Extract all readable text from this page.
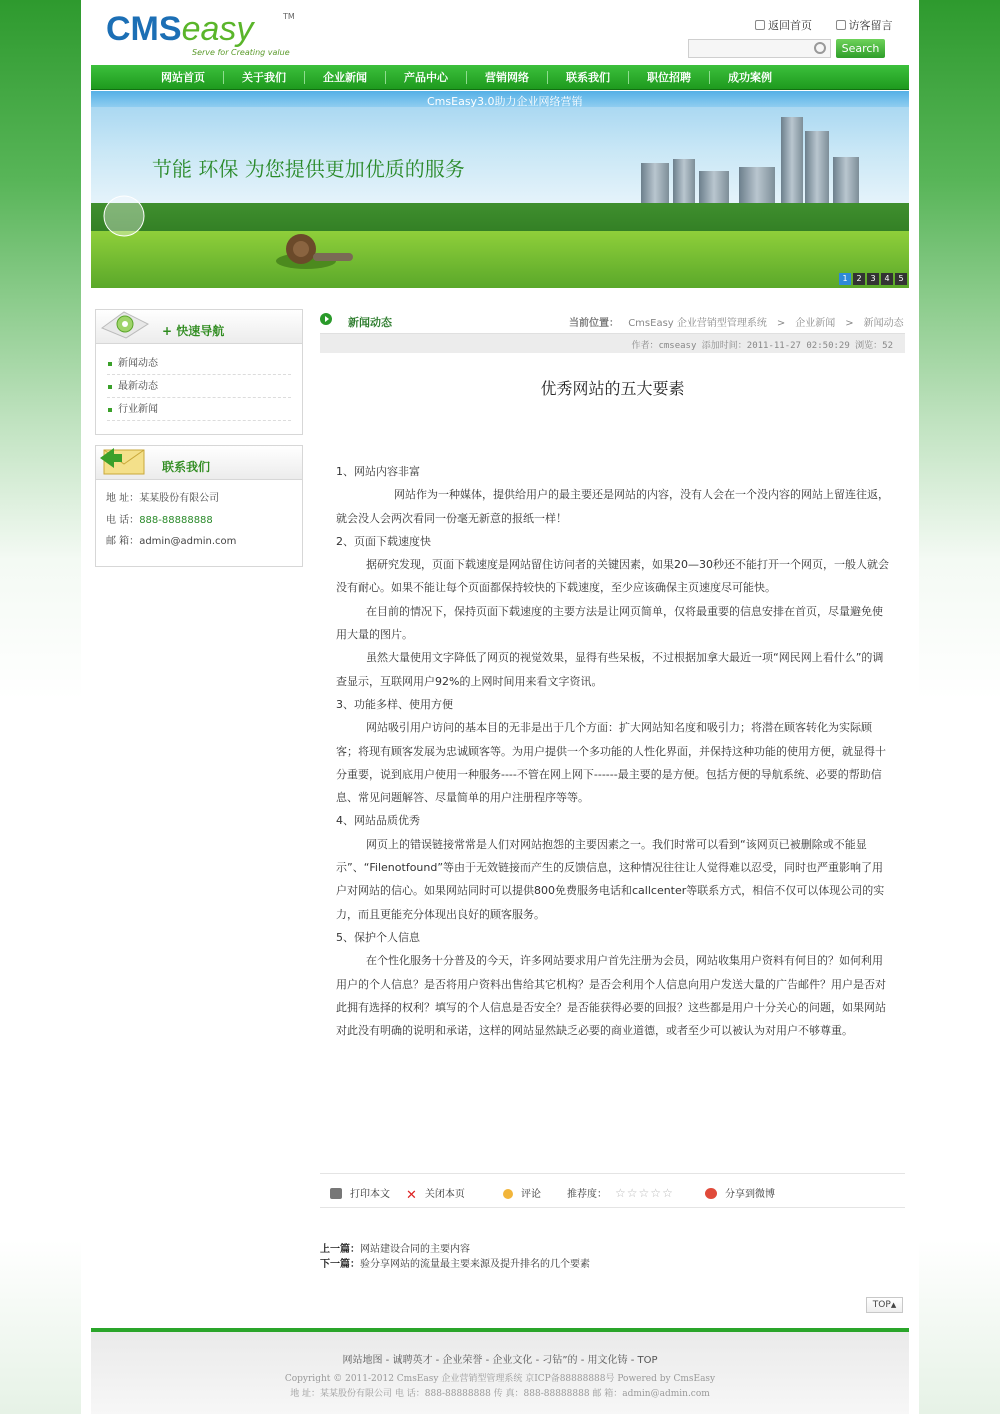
CMSeasy	TM
Serve for Creating value
返回首页	访客留言
Search
网站首页	关于我们	企业新闻	产品中心	营销网络	联系我们	职位招聘	成功案例
CmsEasy3.0助力企业网络营销
节能 环保 为您提供更加优质的服务
1 2 3 4 5
+ 快速导航
新闻动态
最新动态
行业新闻
联系我们
地 址：某某股份有限公司
电 话：888-88888888
邮 箱：admin@admin.com
新闻动态	当前位置： CmsEasy 企业营销型管理系统 > 企业新闻 > 新闻动态
作者：cmseasy 添加时间：2011-11-27 02:50:29 浏览：52
优秀网站的五大要素

1、网站内容非富

网站作为一种媒体，提供给用户的最主要还是网站的内容，没有人会在一个没内容的网站上留连往返，就会没人会两次看同一份毫无新意的报纸一样！

2、页面下载速度快

据研究发现，页面下载速度是网站留住访问者的关键因素，如果20—30秒还不能打开一个网页，一般人就会没有耐心。如果不能让每个页面都保持较快的下载速度，至少应该确保主页速度尽可能快。

在目前的情况下，保持页面下载速度的主要方法是让网页简单，仅将最重要的信息安排在首页，尽量避免使用大量的图片。

虽然大量使用文字降低了网页的视觉效果，显得有些呆板，不过根据加拿大最近一项“网民网上看什么”的调查显示，互联网用户92%的上网时间用来看文字资讯。

3、功能多样、使用方便

网站吸引用户访问的基本目的无非是出于几个方面：扩大网站知名度和吸引力；将潜在顾客转化为实际顾客；将现有顾客发展为忠诚顾客等。为用户提供一个多功能的人性化界面，并保持这种功能的使用方便，就显得十分重要，说到底用户使用一种服务----不管在网上网下------最主要的是方便。包括方便的导航系统、必要的帮助信息、常见问题解答、尽量简单的用户注册程序等等。

4、网站品质优秀

网页上的错误链接常常是人们对网站抱怨的主要因素之一。我们时常可以看到“该网页已被删除或不能显示”、“Filenotfound”等由于无效链接而产生的反馈信息，这种情况往往让人觉得难以忍受，同时也严重影响了用户对网站的信心。如果网站同时可以提供800免费服务电话和callcenter等联系方式，相信不仅可以体现公司的实力，而且更能充分体现出良好的顾客服务。

5、保护个人信息

在个性化服务十分普及的今天，许多网站要求用户首先注册为会员，网站收集用户资料有何目的？如何利用用户的个人信息？是否将用户资料出售给其它机构？是否会利用个人信息向用户发送大量的广告邮件？用户是否对此拥有选择的权利？填写的个人信息是否安全？是否能获得必要的回报？这些都是用户十分关心的问题，如果网站对此没有明确的说明和承诺，这样的网站显然缺乏必要的商业道德，或者至少可以被认为对用户不够尊重。

打印本文 ✕ 关闭本页	评论	推荐度： ☆☆☆☆☆	分享到微博
上一篇：网站建设合同的主要内容
下一篇：验分享网站的流量最主要来源及提升排名的几个要素
TOP▲
网站地图 - 诚聘英才 - 企业荣誉 - 企业文化 - 刁钻”的 - 用文化铸 - TOP
Copyright © 2011-2012 CmsEasy 企业营销型管理系统 京ICP备88888888号 Powered by CmsEasy
地 址：某某股份有限公司 电 话：888-88888888 传 真：888-88888888 邮 箱：admin@admin.com
